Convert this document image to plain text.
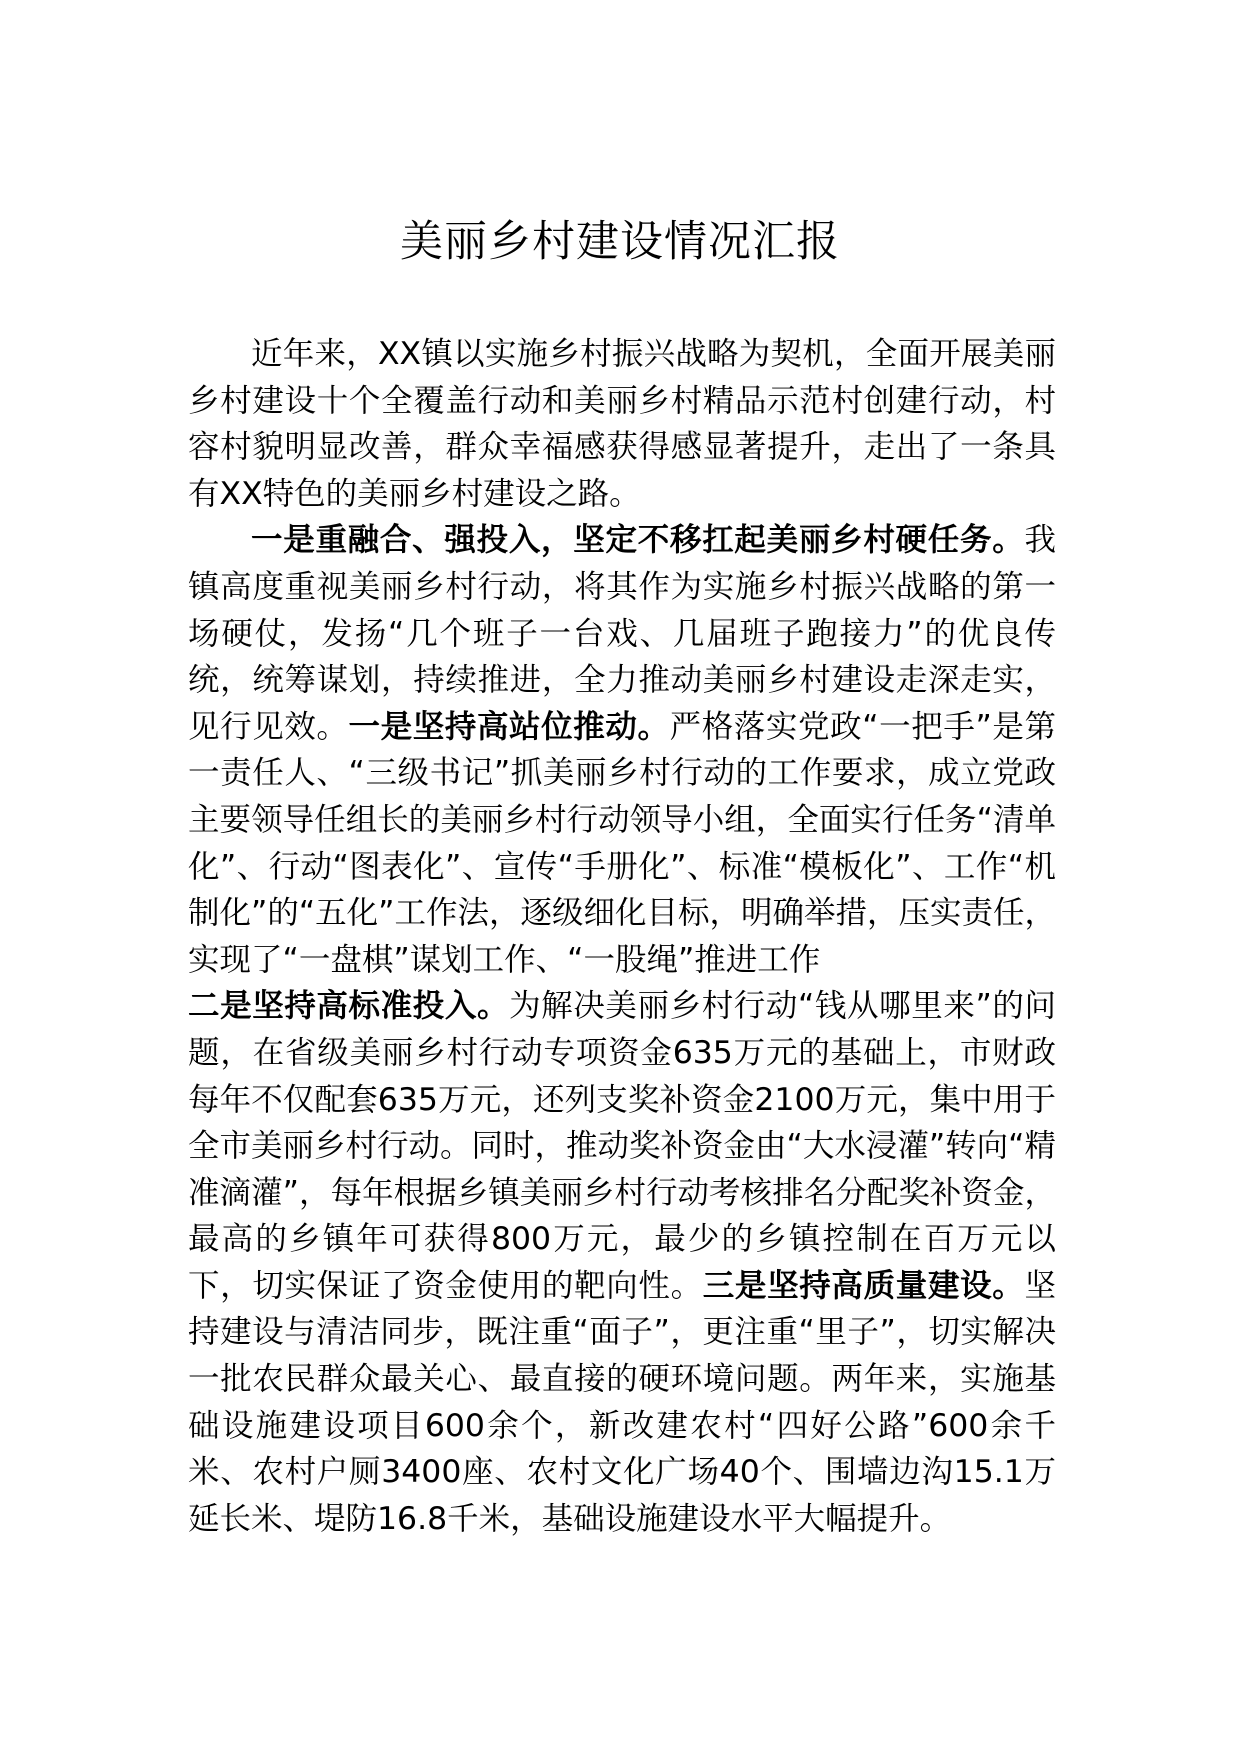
美丽乡村建设情况汇报

近年来，XX镇以实施乡村振兴战略为契机，全面开展美丽乡村建设十个全覆盖行动和美丽乡村精品示范村创建行动，村容村貌明显改善，群众幸福感获得感显著提升，走出了一条具有XX特色的美丽乡村建设之路。

一是重融合、强投入，坚定不移扛起美丽乡村硬任务。我镇高度重视美丽乡村行动，将其作为实施乡村振兴战略的第一场硬仗，发扬“几个班子一台戏、几届班子跑接力”的优良传统，统筹谋划，持续推进，全力推动美丽乡村建设走深走实，见行见效。一是坚持高站位推动。严格落实党政“一把手”是第一责任人、“三级书记”抓美丽乡村行动的工作要求，成立党政主要领导任组长的美丽乡村行动领导小组，全面实行任务“清单化”、行动“图表化”、宣传“手册化”、标准“模板化”、工作“机制化”的“五化”工作法，逐级细化目标，明确举措，压实责任，实现了“一盘棋”谋划工作、“一股绳”推进工作
二是坚持高标准投入。为解决美丽乡村行动“钱从哪里来”的问题，在省级美丽乡村行动专项资金635万元的基础上，市财政每年不仅配套635万元，还列支奖补资金2100万元，集中用于全市美丽乡村行动。同时，推动奖补资金由“大水浸灌”转向“精准滴灌”，每年根据乡镇美丽乡村行动考核排名分配奖补资金，最高的乡镇年可获得800万元，最少的乡镇控制在百万元以下，切实保证了资金使用的靶向性。三是坚持高质量建设。坚持建设与清洁同步，既注重“面子”，更注重“里子”，切实解决一批农民群众最关心、最直接的硬环境问题。两年来，实施基础设施建设项目600余个，新改建农村“四好公路”600余千米、农村户厕3400座、农村文化广场40个、围墙边沟15.1万延长米、堤防16.8千米，基础设施建设水平大幅提升。
